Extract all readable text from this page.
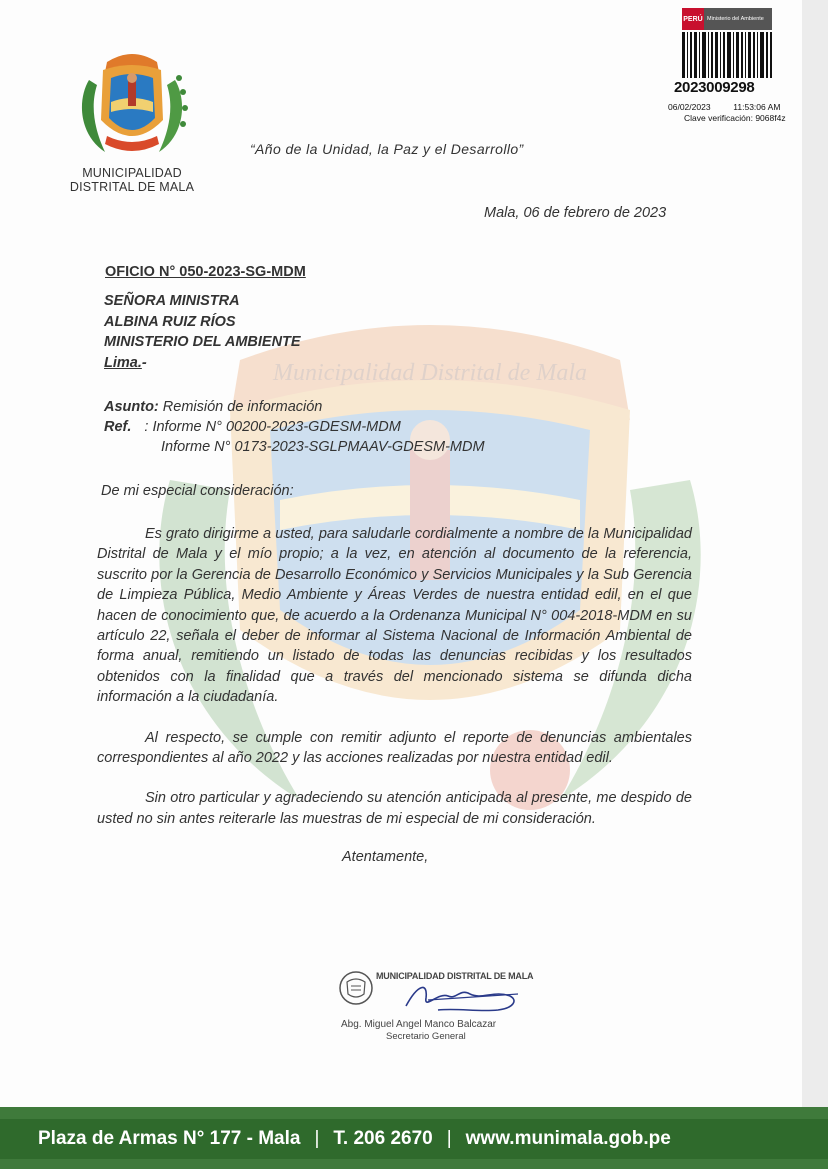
MUNICIPALIDAD
DISTRITAL DE MALA
“Año de la Unidad, la Paz y el Desarrollo”
PERÚ Ministerio del Ambiente
2023009298
06/02/2023	11:53:06 AM
Clave verificación: 9068f4z
Mala, 06 de febrero de 2023
Municipalidad Distrital de Mala
OFICIO N° 050-2023-SG-MDM
SEÑORA MINISTRA
ALBINA RUIZ RÍOS
MINISTERIO DEL AMBIENTE
Lima.-
Asunto: Remisión de información
Ref. : Informe N° 00200-2023-GDESM-MDM
Informe N° 0173-2023-SGLPMAAV-GDESM-MDM
De mi especial consideración:
Es grato dirigirme a usted, para saludarle cordialmente a nombre de la Municipalidad Distrital de Mala y el mío propio; a la vez, en atención al documento de la referencia, suscrito por la Gerencia de Desarrollo Económico y Servicios Municipales y la Sub Gerencia de Limpieza Pública, Medio Ambiente y Áreas Verdes de nuestra entidad edil, en el que hacen de conocimiento que, de acuerdo a la Ordenanza Municipal N° 004-2018-MDM en su artículo 22, señala el deber de informar al Sistema Nacional de Información Ambiental de forma anual, remitiendo un listado de todas las denuncias recibidas y los resultados obtenidos con la finalidad que a través del mencionado sistema se difunda dicha información a la ciudadanía.
Al respecto, se cumple con remitir adjunto el reporte de denuncias ambientales correspondientes al año 2022 y las acciones realizadas por nuestra entidad edil.
Sin otro particular y agradeciendo su atención anticipada al presente, me despido de usted no sin antes reiterarle las muestras de mi especial de mi consideración.
Atentamente,
MUNICIPALIDAD DISTRITAL DE MALA
Abg. Miguel Angel Manco Balcazar
Secretario General
Plaza de Armas N° 177 - Mala | T. 206 2670 | www.munimala.gob.pe
